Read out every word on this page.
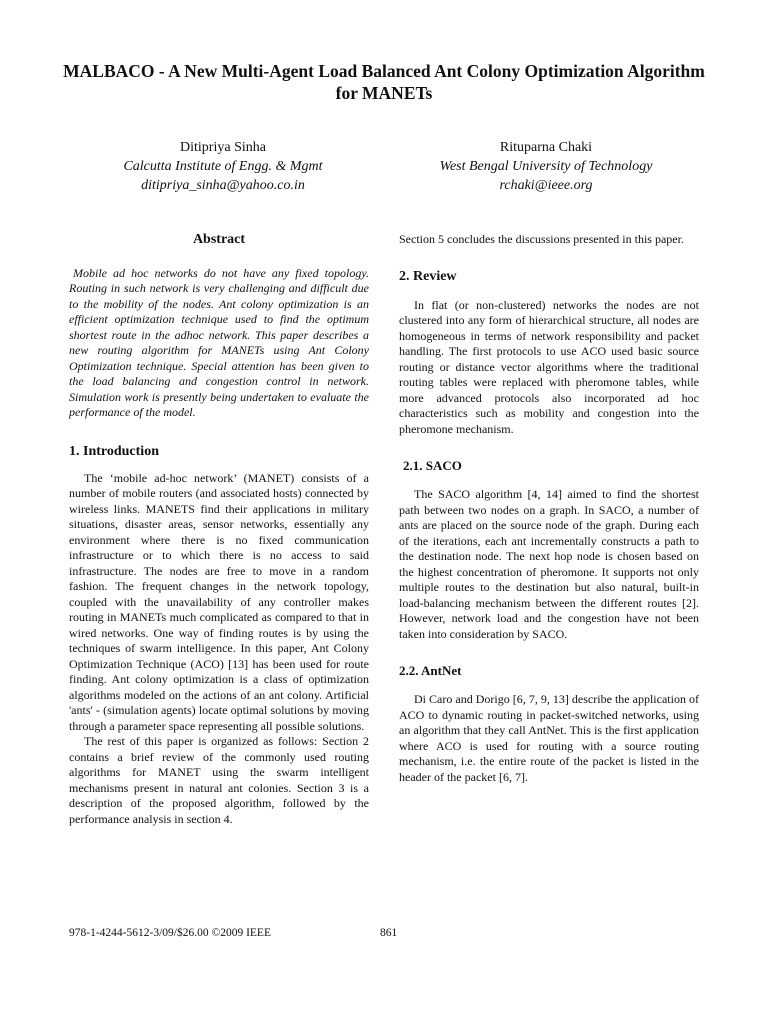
MALBACO - A New Multi-Agent Load Balanced Ant Colony Optimization Algorithm for MANETs
Ditipriya Sinha
Calcutta Institute of Engg. & Mgmt
ditipriya_sinha@yahoo.co.in
Rituparna Chaki
West Bengal University of Technology
rchaki@ieee.org
Abstract

Mobile ad hoc networks do not have any fixed topology. Routing in such network is very challenging and difficult due to the mobility of the nodes. Ant colony optimization is an efficient optimization technique used to find the optimum shortest route in the adhoc network. This paper describes a new routing algorithm for MANETs using Ant Colony Optimization technique. Special attention has been given to the load balancing and congestion control in network. Simulation work is presently being undertaken to evaluate the performance of the model.

1. Introduction

The ‘mobile ad-hoc network’ (MANET) consists of a number of mobile routers (and associated hosts) connected by wireless links. MANETS find their applications in military situations, disaster areas, sensor networks, essentially any environment where there is no fixed communication infrastructure or to which there is no access to said infrastructure. The nodes are free to move in a random fashion. The frequent changes in the network topology, coupled with the unavailability of any controller makes routing in MANETs much complicated as compared to that in wired networks. One way of finding routes is by using the techniques of swarm intelligence. In this paper, Ant Colony Optimization Technique (ACO) [13] has been used for route finding. Ant colony optimization is a class of optimization algorithms modeled on the actions of an ant colony. Artificial 'ants' - (simulation agents) locate optimal solutions by moving through a parameter space representing all possible solutions.

The rest of this paper is organized as follows: Section 2 contains a brief review of the commonly used routing algorithms for MANET using the swarm intelligent mechanisms present in natural ant colonies. Section 3 is a description of the proposed algorithm, followed by the performance analysis in section 4.

Section 5 concludes the discussions presented in this paper.

2. Review

In flat (or non-clustered) networks the nodes are not clustered into any form of hierarchical structure, all nodes are homogeneous in terms of network responsibility and packet handling. The first protocols to use ACO used basic source routing or distance vector algorithms where the traditional routing tables were replaced with pheromone tables, while more advanced protocols also incorporated ad hoc characteristics such as mobility and congestion into the pheromone mechanism.

2.1. SACO

The SACO algorithm [4, 14] aimed to find the shortest path between two nodes on a graph. In SACO, a number of ants are placed on the source node of the graph. During each of the iterations, each ant incrementally constructs a path to the destination node. The next hop node is chosen based on the highest concentration of pheromone. It supports not only multiple routes to the destination but also natural, built-in load-balancing mechanism between the different routes [2]. However, network load and the congestion have not been taken into consideration by SACO.

2.2. AntNet

Di Caro and Dorigo [6, 7, 9, 13] describe the application of ACO to dynamic routing in packet-switched networks, using an algorithm that they call AntNet. This is the first application where ACO is used for routing with a source routing mechanism, i.e. the entire route of the packet is listed in the header of the packet [6, 7].

978-1-4244-5612-3/09/$26.00 ©2009 IEEE	861
